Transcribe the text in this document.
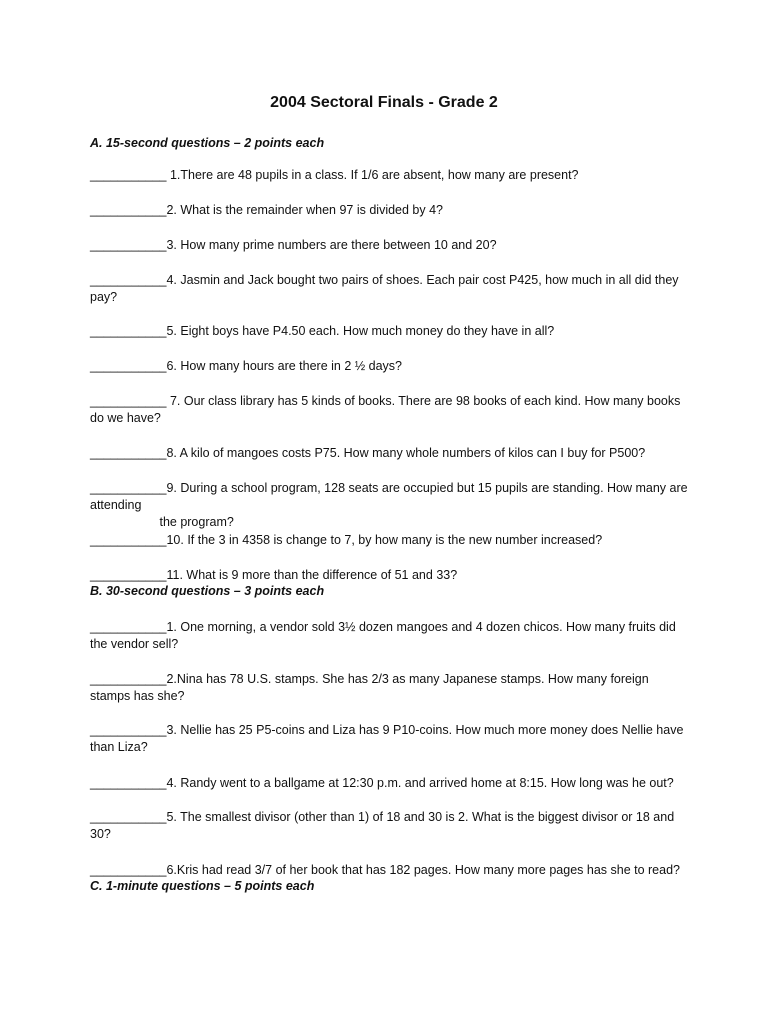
2004 Sectoral Finals - Grade 2
A. 15-second questions – 2 points each
___________ 1.There are 48 pupils in a class. If 1/6 are absent, how many are present?
___________2. What is the remainder when 97 is divided by 4?
___________3. How many prime numbers are there between 10 and 20?
___________4. Jasmin and Jack bought two pairs of shoes. Each pair cost P425, how much in all did they pay?
___________5. Eight boys have P4.50 each. How much money do they have in all?
___________6. How many hours are there in 2 ½ days?
___________ 7. Our class library has 5 kinds of books. There are 98 books of each kind. How many books do we have?
___________8. A kilo of mangoes costs P75. How many whole numbers of kilos can I buy for P500?
___________9. During a school program, 128 seats are occupied but 15 pupils are standing. How many are attending
the program?
___________10. If the 3 in 4358 is change to 7, by how many is the new number increased?
___________11. What is 9 more than the difference of 51 and 33?
B. 30-second questions – 3 points each
___________1. One morning, a vendor sold 3½ dozen mangoes and 4 dozen chicos. How many fruits did the vendor sell?
___________2.Nina has 78 U.S. stamps. She has 2/3 as many Japanese stamps. How many foreign stamps has she?
___________3. Nellie has 25 P5-coins and Liza has 9 P10-coins. How much more money does Nellie have than Liza?
___________4. Randy went to a ballgame at 12:30 p.m. and arrived home at 8:15. How long was he out?
___________5. The smallest divisor (other than 1) of 18 and 30 is 2. What is the biggest divisor or 18 and 30?
___________6.Kris had read 3/7 of her book that has 182 pages. How many more pages has she to read?
C. 1-minute questions – 5 points each
